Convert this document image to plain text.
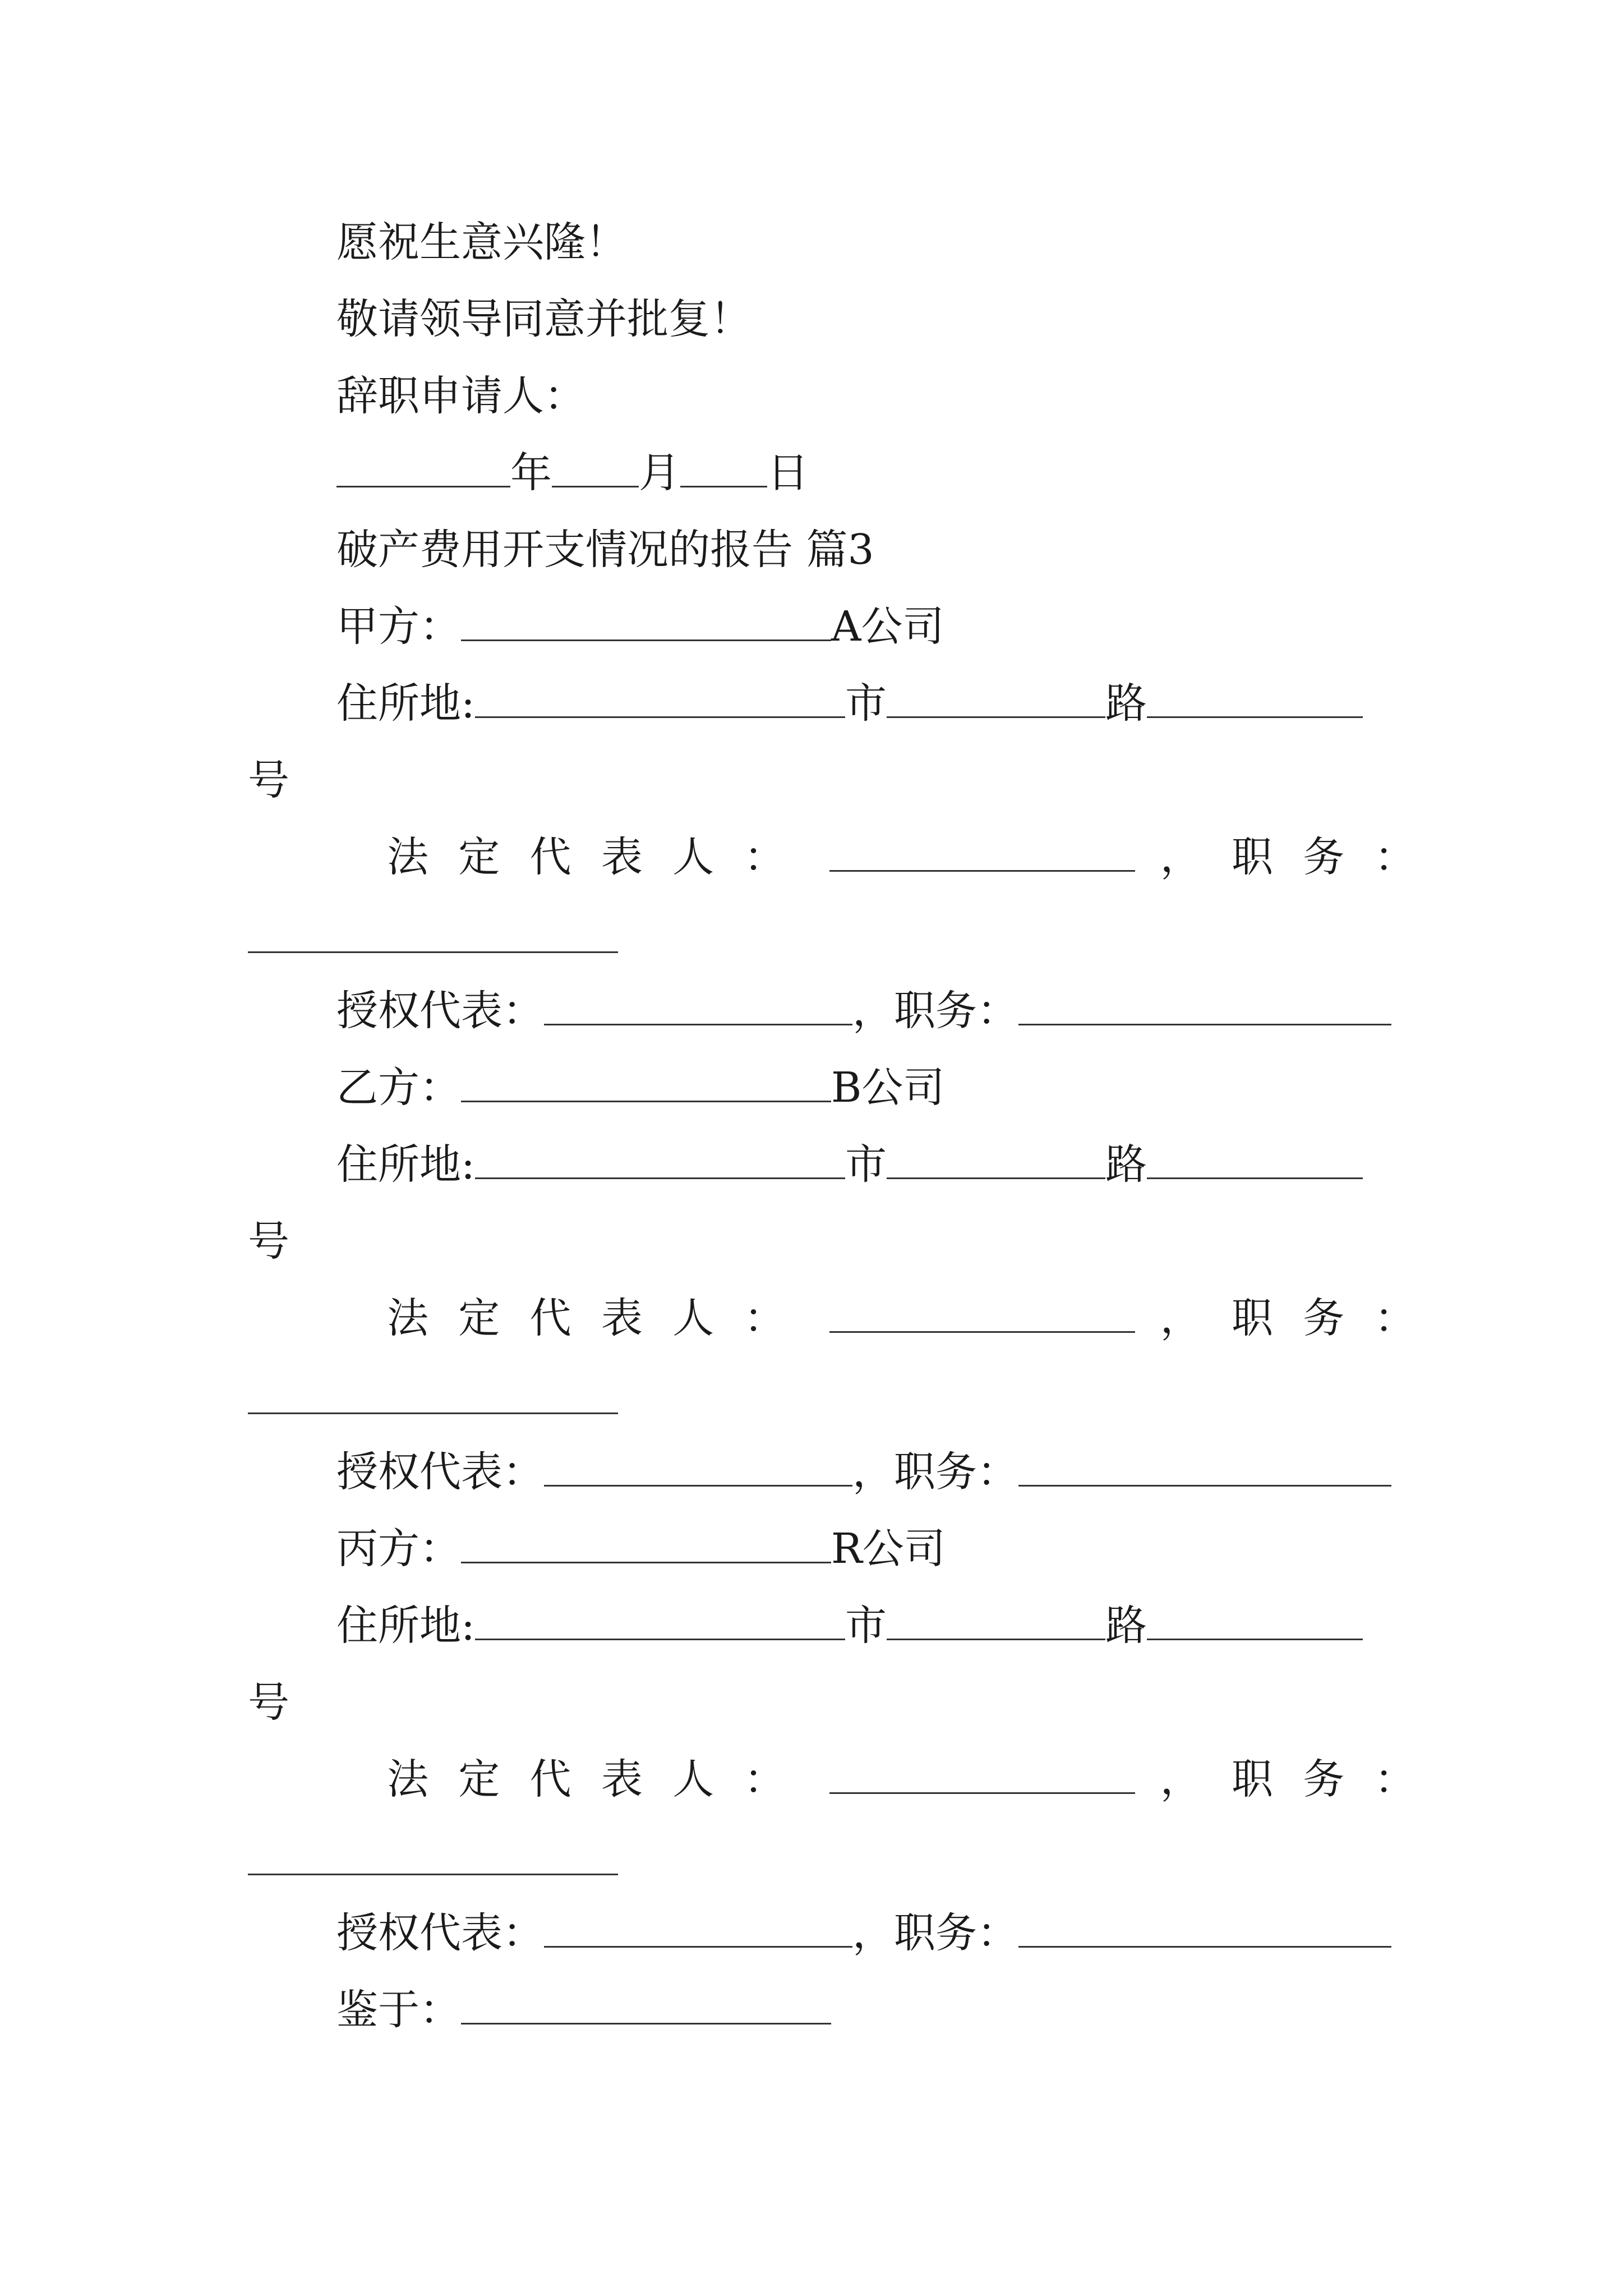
愿祝生意兴隆！
敬请领导同意并批复！
辞职申请人：
年 月 日
破产费用开支情况的报告 篇3
甲方：	A公司
住所地:	市	路
号
法定代表人：	，职务：
授权代表：	，职务：
乙方：	B公司
住所地:	市	路
号
法定代表人：	，职务：
授权代表：	，职务：
丙方：	R公司
住所地:	市	路
号
法定代表人：	，职务：
授权代表：	，职务：
鉴于：
